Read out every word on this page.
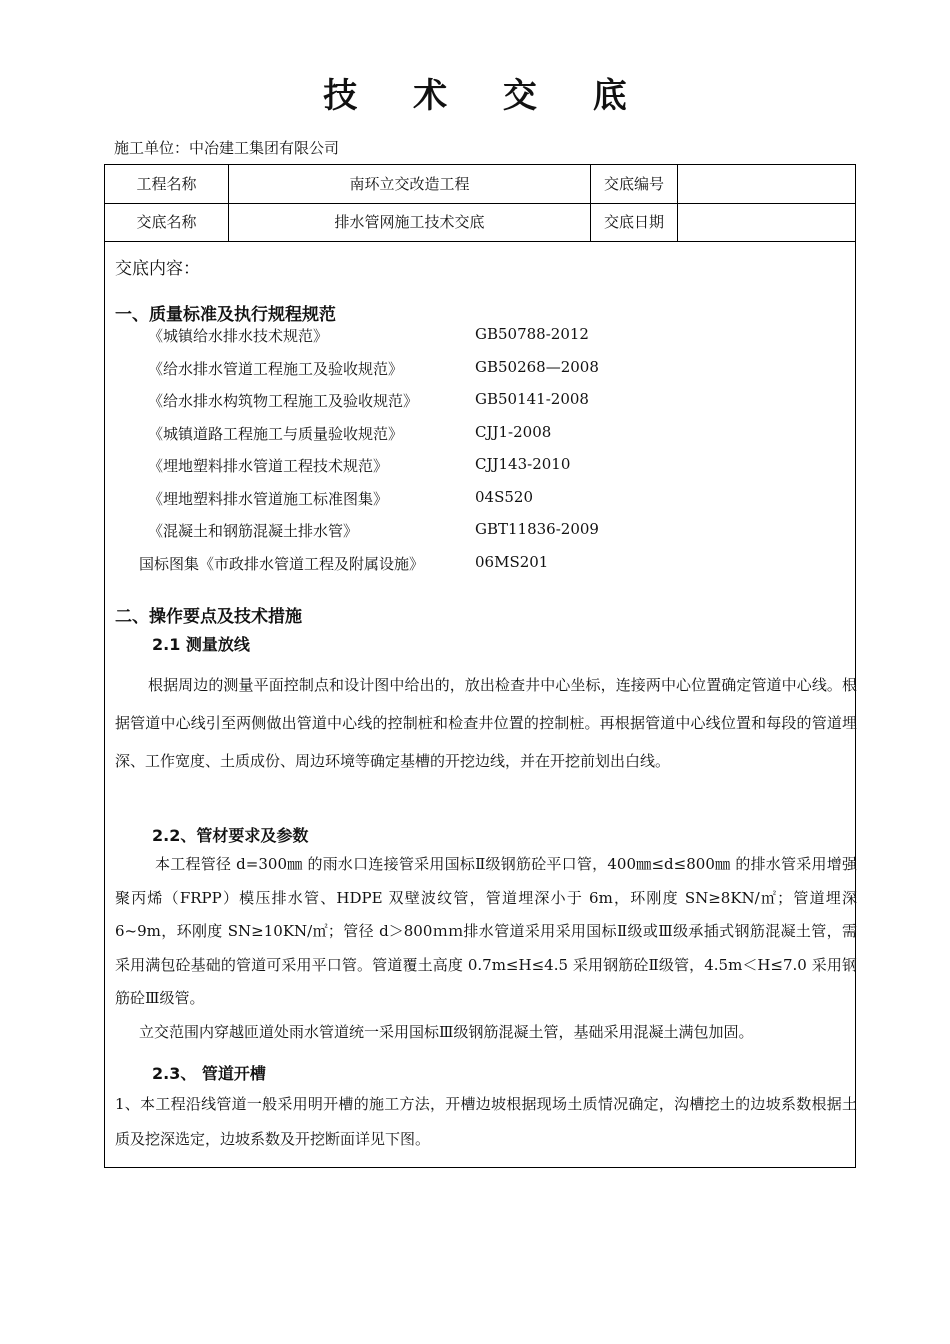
技 术 交 底
施工单位：中冶建工集团有限公司
工程名称	南环立交改造工程	交底编号
交底名称	排水管网施工技术交底	交底日期
交底内容：
一、质量标准及执行规程规范
《城镇给水排水技术规范》	GB50788-2012
《给水排水管道工程施工及验收规范》	GB50268—2008
《给水排水构筑物工程施工及验收规范》	GB50141-2008
《城镇道路工程施工与质量验收规范》	CJJ1-2008
《埋地塑料排水管道工程技术规范》	CJJ143-2010
《埋地塑料排水管道施工标准图集》	04S520
《混凝土和钢筋混凝土排水管》	GBT11836-2009
国标图集《市政排水管道工程及附属设施》	06MS201
二、操作要点及技术措施
2.1 测量放线
根据周边的测量平面控制点和设计图中给出的，放出检查井中心坐标，连接两中心位置确定管道中心线。根据管道中心线引至两侧做出管道中心线的控制桩和检查井位置的控制桩。再根据管道中心线位置和每段的管道埋深、工作宽度、土质成份、周边环境等确定基槽的开挖边线，并在开挖前划出白线。
2.2、管材要求及参数
本工程管径 d=300㎜ 的雨水口连接管采用国标Ⅱ级钢筋砼平口管，400㎜≤d≤800㎜ 的排水管采用增强聚丙烯（FRPP）模压排水管、HDPE 双壁波纹管，管道埋深小于 6m，环刚度 SN≥8KN/㎡；管道埋深 6~9m，环刚度 SN≥10KN/㎡；管径 d＞800ｍｍ排水管道采用采用国标Ⅱ级或Ⅲ级承插式钢筋混凝土管，需采用满包砼基础的管道可采用平口管。管道覆土高度 0.7m≤H≤4.5 采用钢筋砼Ⅱ级管，4.5m＜H≤7.0 采用钢筋砼Ⅲ级管。
立交范围内穿越匝道处雨水管道统一采用国标Ⅲ级钢筋混凝土管，基础采用混凝土满包加固。
2.3、 管道开槽
1、本工程沿线管道一般采用明开槽的施工方法，开槽边坡根据现场土质情况确定，沟槽挖土的边坡系数根据土质及挖深选定，边坡系数及开挖断面详见下图。
